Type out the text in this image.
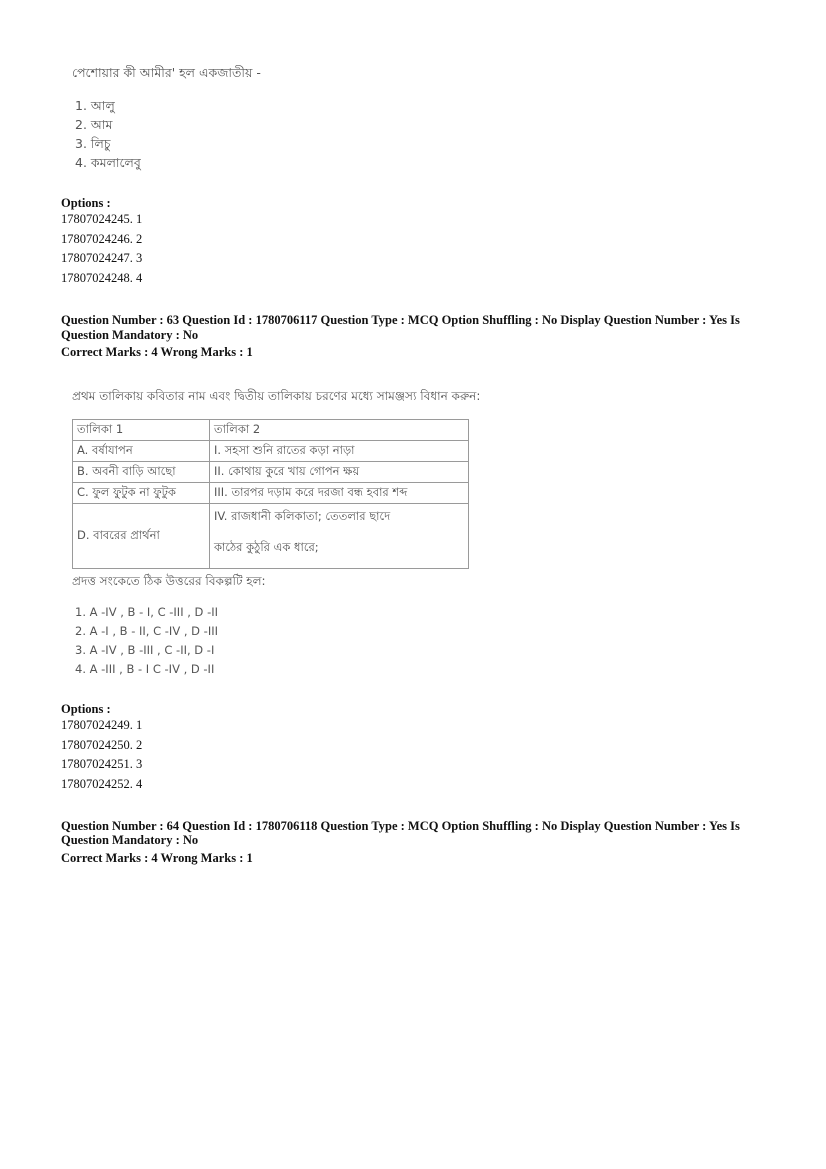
পেশোয়ার কী আমীর' হল একজাতীয় -
1. আলু
2. আম
3. লিচু
4. কমলালেবু
Options :
17807024245. 1
17807024246. 2
17807024247. 3
17807024248. 4
Question Number : 63 Question Id : 1780706117 Question Type : MCQ Option Shuffling : No Display Question Number : Yes Is
Question Mandatory : No
Correct Marks : 4 Wrong Marks : 1
প্রথম তালিকায় কবিতার নাম এবং দ্বিতীয় তালিকায় চরণের মধ্যে সামঞ্জস্য বিধান করুন:
তালিকা 1	তালিকা 2
A. বর্ষাযাপন	I. সহসা শুনি রাতের কড়া নাড়া
B. অবনী বাড়ি আছো	II. কোথায় কুরে খায় গোপন ক্ষয়
C. ফুল ফুটুক না ফুটুক	III. তারপর দড়াম করে দরজা বন্ধ হবার শব্দ
D. বাবরের প্রার্থনা	IV. রাজধানী কলিকাতা; তেতলার ছাদে
কাঠের কুঠুরি এক ধারে;
প্রদত্ত সংকেতে ঠিক উত্তরের বিকল্পটি হল:
1. A -IV , B - I, C -III , D -II
2. A -I , B - II, C -IV , D -III
3. A -IV , B -III , C -II, D -I
4. A -III , B - I C -IV , D -II
Options :
17807024249. 1
17807024250. 2
17807024251. 3
17807024252. 4
Question Number : 64 Question Id : 1780706118 Question Type : MCQ Option Shuffling : No Display Question Number : Yes Is
Question Mandatory : No
Correct Marks : 4 Wrong Marks : 1
